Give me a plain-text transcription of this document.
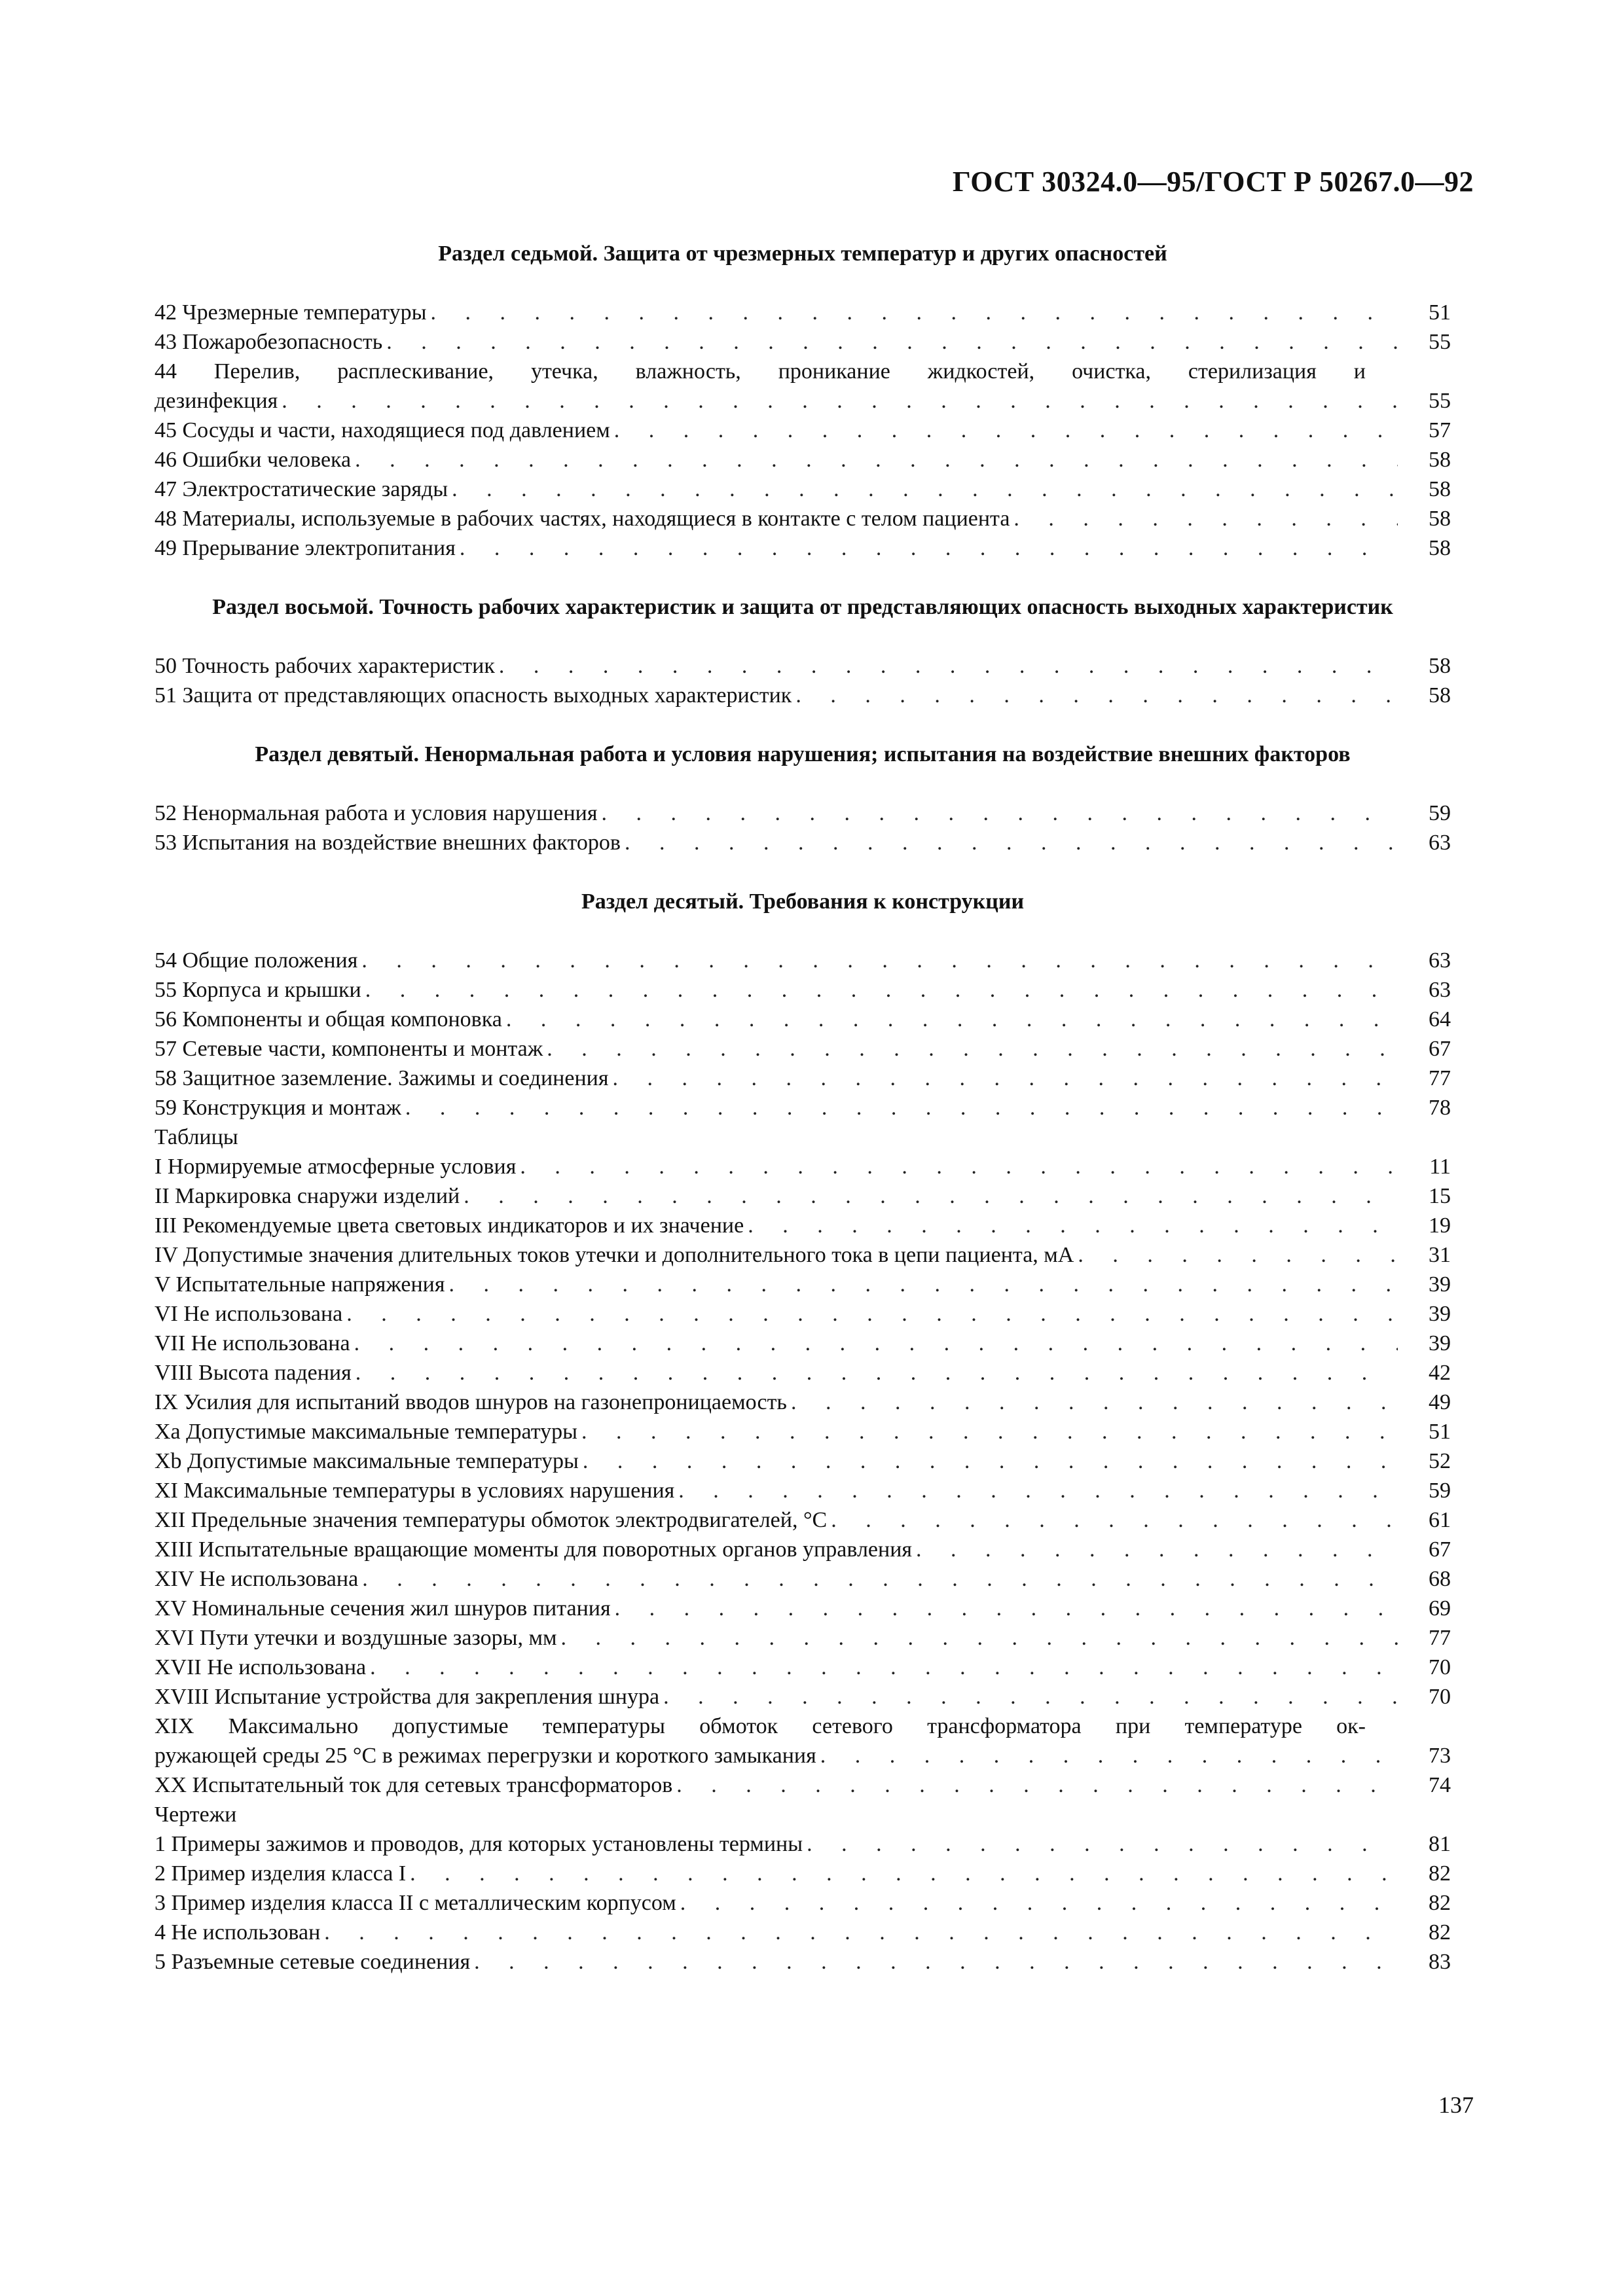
ГОСТ 30324.0—95/ГОСТ Р 50267.0—92
Раздел седьмой. Защита от чрезмерных температур и других опасностей
42 Чрезмерные температуры . . .	51
43 Пожаробезопасность . . .	55
44 Перелив, расплескивание, утечка, влажность, проникание жидкостей, очистка, стерилизация и
дезинфекция . . .	55
45 Сосуды и части, находящиеся под давлением . . .	57
46 Ошибки человека . . .	58
47 Электростатические заряды . . .	58
48 Материалы, используемые в рабочих частях, находящиеся в контакте с телом пациента . . .	58
49 Прерывание электропитания . . .	58
Раздел восьмой. Точность рабочих характеристик и защита от представляющих опасность выходных характеристик
50 Точность рабочих характеристик . . .	58
51 Защита от представляющих опасность выходных характеристик . . .	58
Раздел девятый. Ненормальная работа и условия нарушения; испытания на воздействие внешних факторов
52 Ненормальная работа и условия нарушения . . .	59
53 Испытания на воздействие внешних факторов . . .	63
Раздел десятый. Требования к конструкции
54 Общие положения . . .	63
55 Корпуса и крышки . . .	63
56 Компоненты и общая компоновка . . .	64
57 Сетевые части, компоненты и монтаж . . .	67
58 Защитное заземление. Зажимы и соединения . . .	77
59 Конструкция и монтаж . . .	78
Таблицы
I Нормируемые атмосферные условия . . .	11
II Маркировка снаружи изделий . . .	15
III Рекомендуемые цвета световых индикаторов и их значение . . .	19
IV Допустимые значения длительных токов утечки и дополнительного тока в цепи пациента, мА . . .	31
V Испытательные напряжения . . .	39
VI Не использована . . .	39
VII Не использована . . .	39
VIII Высота падения . . .	42
IX Усилия для испытаний вводов шнуров на газонепроницаемость . . .	49
Xa Допустимые максимальные температуры . . .	51
Xb Допустимые максимальные температуры . . .	52
XI Максимальные температуры в условиях нарушения . . .	59
XII Предельные значения температуры обмоток электродвигателей, °С . . .	61
XIII Испытательные вращающие моменты для поворотных органов управления . . .	67
XIV Не использована . . .	68
XV Номинальные сечения жил шнуров питания . . .	69
XVI Пути утечки и воздушные зазоры, мм . . .	77
XVII Не использована . . .	70
XVIII Испытание устройства для закрепления шнура . . .	70
XIX Максимально допустимые температуры обмоток сетевого трансформатора при температуре ок-
ружающей среды 25 °С в режимах перегрузки и короткого замыкания . . .	73
XX Испытательный ток для сетевых трансформаторов . . .	74
Чертежи
1 Примеры зажимов и проводов, для которых установлены термины . . .	81
2 Пример изделия класса I . . .	82
3 Пример изделия класса II с металлическим корпусом . . .	82
4 Не использован . . .	82
5 Разъемные сетевые соединения . . .	83
137
